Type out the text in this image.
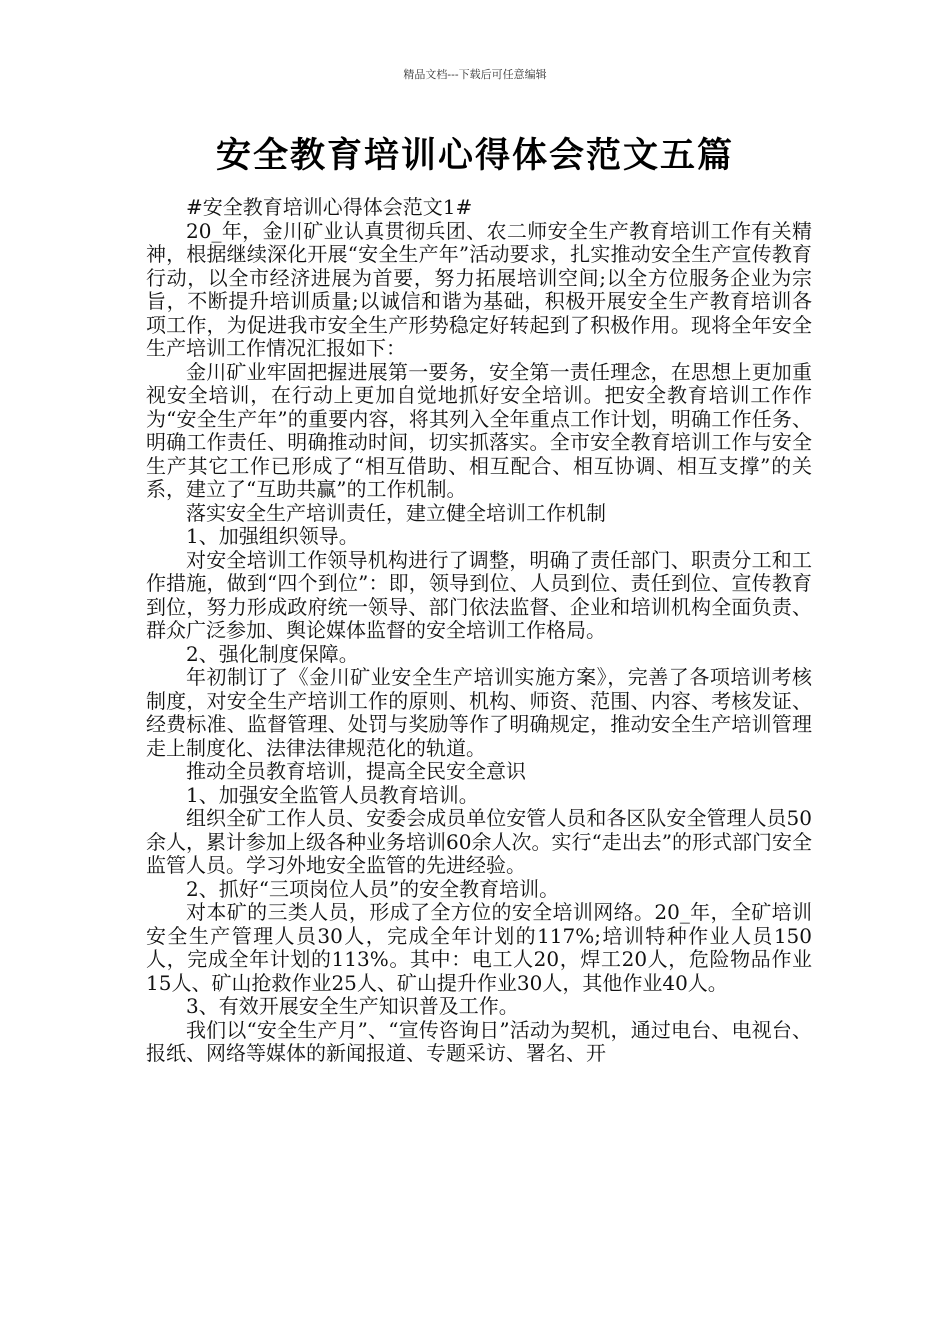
精品文档---下载后可任意编辑
安全教育培训心得体会范文五篇

#安全教育培训心得体会范文1#

20_年，金川矿业认真贯彻兵团、农二师安全生产教育培训工作有关精神，根据继续深化开展“安全生产年”活动要求，扎实推动安全生产宣传教育行动，以全市经济进展为首要，努力拓展培训空间;以全方位服务企业为宗旨，不断提升培训质量;以诚信和谐为基础，积极开展安全生产教育培训各项工作，为促进我市安全生产形势稳定好转起到了积极作用。现将全年安全生产培训工作情况汇报如下：

金川矿业牢固把握进展第一要务，安全第一责任理念，在思想上更加重视安全培训，在行动上更加自觉地抓好安全培训。把安全教育培训工作作为“安全生产年”的重要内容，将其列入全年重点工作计划，明确工作任务、明确工作责任、明确推动时间，切实抓落实。全市安全教育培训工作与安全生产其它工作已形成了“相互借助、相互配合、相互协调、相互支撑”的关系，建立了“互助共赢”的工作机制。

落实安全生产培训责任，建立健全培训工作机制

1、加强组织领导。

对安全培训工作领导机构进行了调整，明确了责任部门、职责分工和工作措施，做到“四个到位”：即，领导到位、人员到位、责任到位、宣传教育到位，努力形成政府统一领导、部门依法监督、企业和培训机构全面负责、群众广泛参加、舆论媒体监督的安全培训工作格局。

2、强化制度保障。

年初制订了《金川矿业安全生产培训实施方案》，完善了各项培训考核制度，对安全生产培训工作的原则、机构、师资、范围、内容、考核发证、经费标准、监督管理、处罚与奖励等作了明确规定，推动安全生产培训管理走上制度化、法律法律规范化的轨道。

推动全员教育培训，提高全民安全意识

1、加强安全监管人员教育培训。

组织全矿工作人员、安委会成员单位安管人员和各区队安全管理人员50余人，累计参加上级各种业务培训60余人次。实行“走出去”的形式部门安全监管人员。学习外地安全监管的先进经验。

2、抓好“三项岗位人员”的安全教育培训。

对本矿的三类人员，形成了全方位的安全培训网络。20_年，全矿培训安全生产管理人员30人，完成全年计划的117%;培训特种作业人员150人，完成全年计划的113%。其中：电工人20，焊工20人，危险物品作业15人、矿山抢救作业25人、矿山提升作业30人，其他作业40人。

3、有效开展安全生产知识普及工作。

我们以“安全生产月”、“宣传咨询日”活动为契机，通过电台、电视台、报纸、网络等媒体的新闻报道、专题采访、署名、开
